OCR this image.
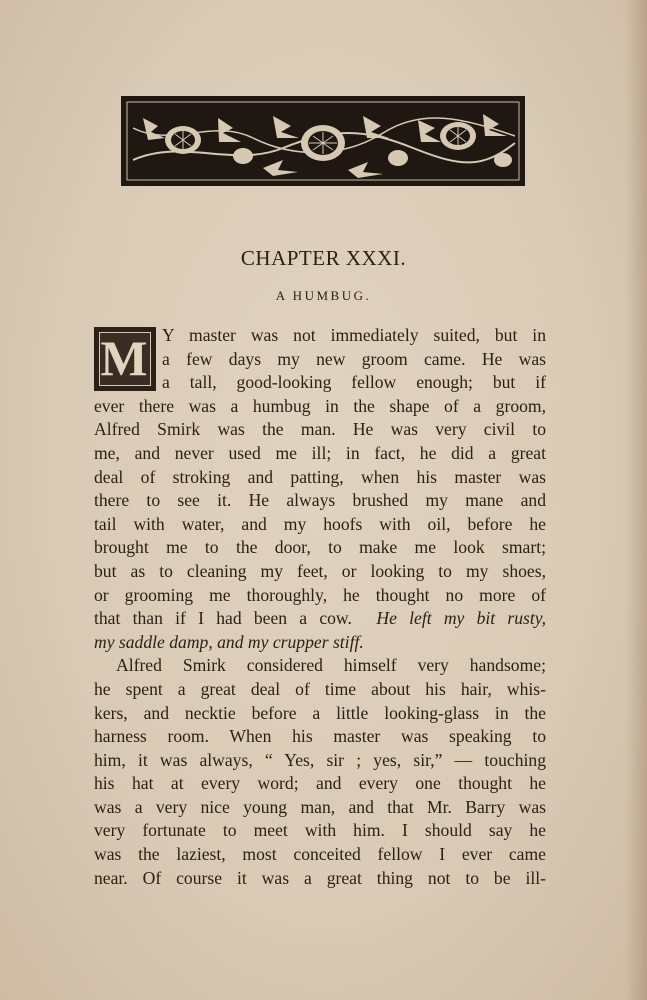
CHAPTER XXXI.
A HUMBUG.
M Y master was not immediately suited, but in
a few days my new groom came. He was
a tall, good-looking fellow enough; but if
ever there was a humbug in the shape of a groom,
Alfred Smirk was the man. He was very civil to
me, and never used me ill; in fact, he did a great
deal of stroking and patting, when his master was
there to see it. He always brushed my mane and
tail with water, and my hoofs with oil, before he
brought me to the door, to make me look smart;
but as to cleaning my feet, or looking to my shoes,
or grooming me thoroughly, he thought no more of
that than if I had been a cow. He left my bit rusty,
my saddle damp, and my crupper stiff.
Alfred Smirk considered himself very handsome;
he spent a great deal of time about his hair, whis-
kers, and necktie before a little looking-glass in the
harness room. When his master was speaking to
him, it was always, “ Yes, sir ; yes, sir,” — touching
his hat at every word; and every one thought he
was a very nice young man, and that Mr. Barry was
very fortunate to meet with him. I should say he
was the laziest, most conceited fellow I ever came
near. Of course it was a great thing not to be ill-
